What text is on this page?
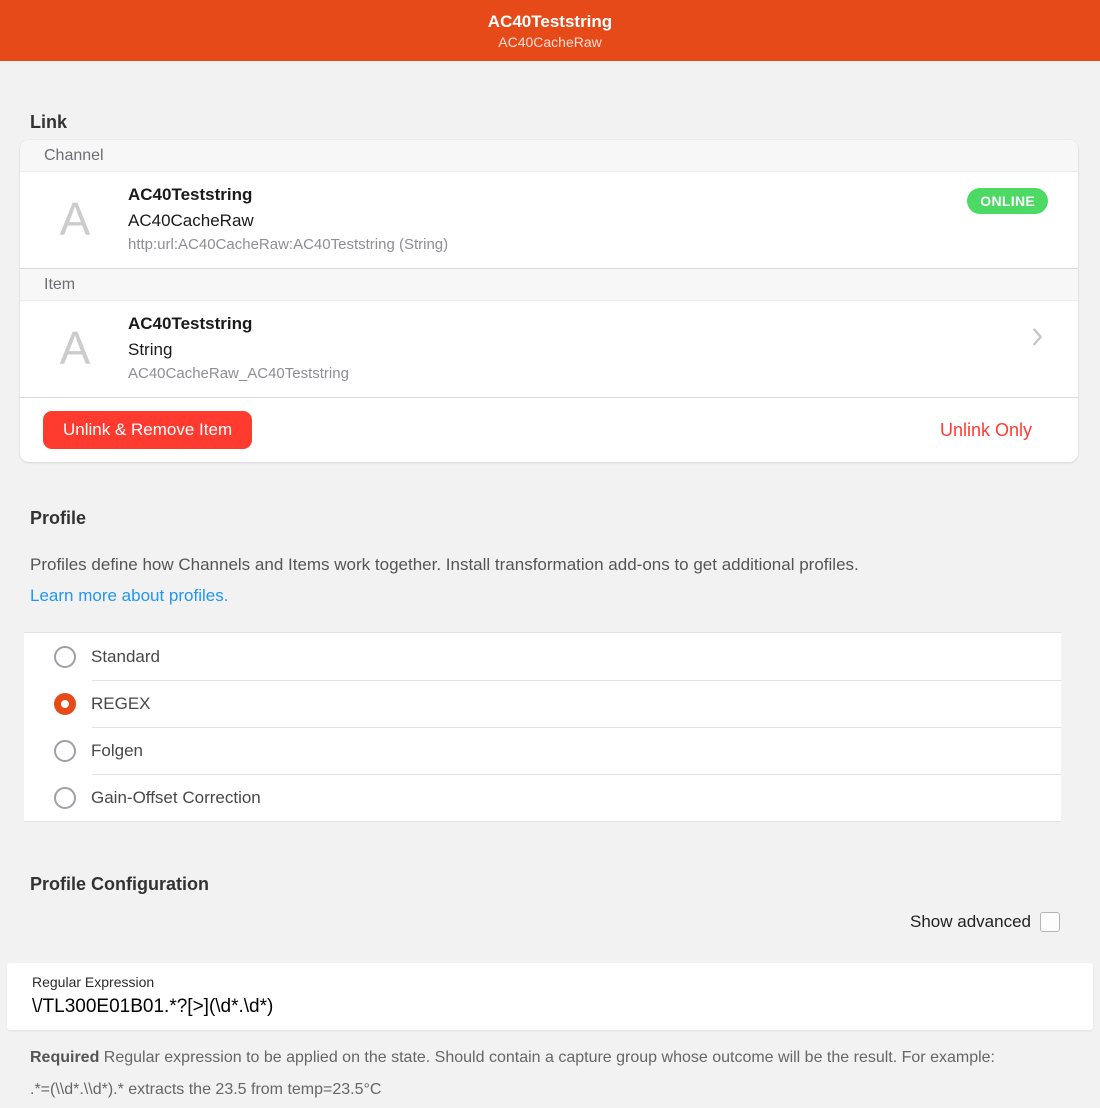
AC40Teststring
AC40CacheRaw
Link
Channel
A	AC40Teststring
AC40CacheRaw
http:url:AC40CacheRaw:AC40Teststring (String)
ONLINE
Item
A	AC40Teststring
String
AC40CacheRaw_AC40Teststring
Unlink & Remove Item	Unlink Only
Profile
Profiles define how Channels and Items work together. Install transformation add-ons to get additional profiles.
Learn more about profiles.
Standard
REGEX
Folgen
Gain-Offset Correction
Profile Configuration
Show advanced
Regular Expression
\/TL300E01B01.*?[>](\d*.\d*)
Required Regular expression to be applied on the state. Should contain a capture group whose outcome will be the result. For example:
.*=(\\d*.\\d*).* extracts the 23.5 from temp=23.5°C
